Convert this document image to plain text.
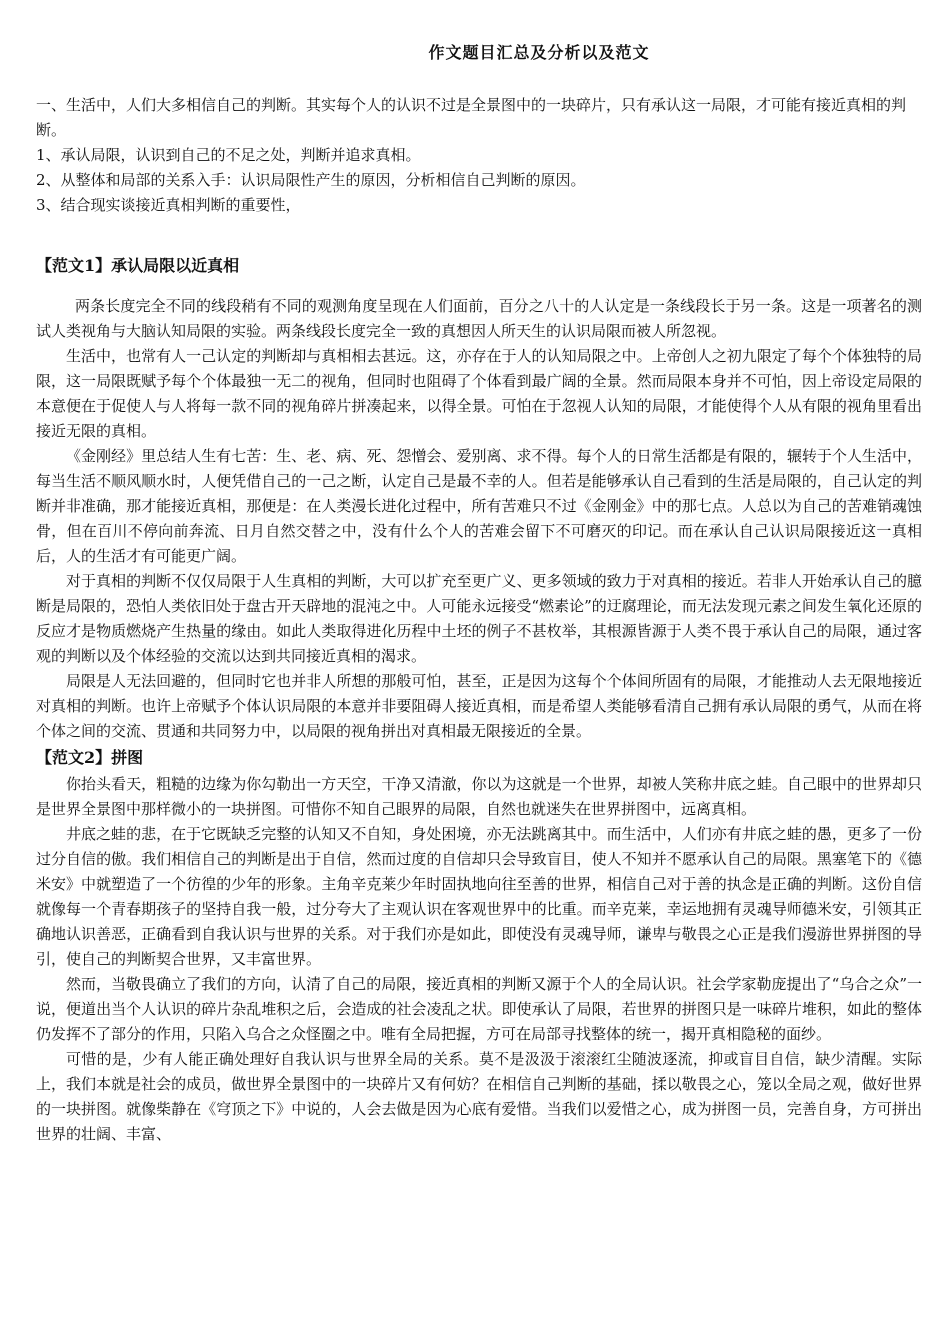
作文题目汇总及分析以及范文

一、生活中，人们大多相信自己的判断。其实每个人的认识不过是全景图中的一块碎片，只有承认这一局限，才可能有接近真相的判断。

1、承认局限，认识到自己的不足之处，判断并追求真相。

2、从整体和局部的关系入手：认识局限性产生的原因，分析相信自己判断的原因。

3、结合现实谈接近真相判断的重要性，

【范文1】承认局限以近真相

两条长度完全不同的线段稍有不同的观测角度呈现在人们面前，百分之八十的人认定是一条线段长于另一条。这是一项著名的测试人类视角与大脑认知局限的实验。两条线段长度完全一致的真想因人所天生的认识局限而被人所忽视。

生活中，也常有人一己认定的判断却与真相相去甚远。这，亦存在于人的认知局限之中。上帝创人之初九限定了每个个体独特的局限，这一局限既赋予每个个体最独一无二的视角，但同时也阻碍了个体看到最广阔的全景。然而局限本身并不可怕，因上帝设定局限的本意便在于促使人与人将每一款不同的视角碎片拼凑起来，以得全景。可怕在于忽视人认知的局限，才能使得个人从有限的视角里看出接近无限的真相。

《金刚经》里总结人生有七苦：生、老、病、死、怨憎会、爱别离、求不得。每个人的日常生活都是有限的，辗转于个人生活中，每当生活不顺风顺水时，人便凭借自己的一己之断，认定自己是最不幸的人。但若是能够承认自己看到的生活是局限的，自己认定的判断并非准确，那才能接近真相，那便是：在人类漫长进化过程中，所有苦难只不过《金刚金》中的那七点。人总以为自己的苦难销魂蚀骨，但在百川不停向前奔流、日月自然交替之中，没有什么个人的苦难会留下不可磨灭的印记。而在承认自己认识局限接近这一真相后，人的生活才有可能更广阔。

对于真相的判断不仅仅局限于人生真相的判断，大可以扩充至更广义、更多领域的致力于对真相的接近。若非人开始承认自己的臆断是局限的，恐怕人类依旧处于盘古开天辟地的混沌之中。人可能永远接受“燃素论”的迂腐理论，而无法发现元素之间发生氧化还原的反应才是物质燃烧产生热量的缘由。如此人类取得进化历程中土坯的例子不甚枚举，其根源皆源于人类不畏于承认自己的局限，通过客观的判断以及个体经验的交流以达到共同接近真相的渴求。

局限是人无法回避的，但同时它也并非人所想的那般可怕，甚至，正是因为这每个个体间所固有的局限，才能推动人去无限地接近对真相的判断。也许上帝赋予个体认识局限的本意并非要阻碍人接近真相，而是希望人类能够看清自己拥有承认局限的勇气，从而在将个体之间的交流、贯通和共同努力中，以局限的视角拼出对真相最无限接近的全景。

【范文2】拼图

你抬头看天，粗糙的边缘为你勾勒出一方天空，干净又清澈，你以为这就是一个世界，却被人笑称井底之蛙。自己眼中的世界却只是世界全景图中那样微小的一块拼图。可惜你不知自己眼界的局限，自然也就迷失在世界拼图中，远离真相。

井底之蛙的悲，在于它既缺乏完整的认知又不自知，身处困境，亦无法跳离其中。而生活中，人们亦有井底之蛙的愚，更多了一份过分自信的傲。我们相信自己的判断是出于自信，然而过度的自信却只会导致盲目，使人不知并不愿承认自己的局限。黑塞笔下的《德米安》中就塑造了一个彷徨的少年的形象。主角辛克莱少年时固执地向往至善的世界，相信自己对于善的执念是正确的判断。这份自信就像每一个青春期孩子的坚持自我一般，过分夸大了主观认识在客观世界中的比重。而辛克莱，幸运地拥有灵魂导师德米安，引领其正确地认识善恶，正确看到自我认识与世界的关系。对于我们亦是如此，即使没有灵魂导师，谦卑与敬畏之心正是我们漫游世界拼图的导引，使自己的判断契合世界，又丰富世界。

然而，当敬畏确立了我们的方向，认清了自己的局限，接近真相的判断又源于个人的全局认识。社会学家勒庞提出了“乌合之众”一说，便道出当个人认识的碎片杂乱堆积之后，会造成的社会凌乱之状。即使承认了局限，若世界的拼图只是一味碎片堆积，如此的整体仍发挥不了部分的作用，只陷入乌合之众怪圈之中。唯有全局把握，方可在局部寻找整体的统一，揭开真相隐秘的面纱。

可惜的是，少有人能正确处理好自我认识与世界全局的关系。莫不是汲汲于滚滚红尘随波逐流，抑或盲目自信，缺少清醒。实际上，我们本就是社会的成员，做世界全景图中的一块碎片又有何妨？在相信自己判断的基础，揉以敬畏之心，笼以全局之观，做好世界的一块拼图。就像柴静在《穹顶之下》中说的，人会去做是因为心底有爱惜。当我们以爱惜之心，成为拼图一员，完善自身，方可拼出世界的壮阔、丰富、
